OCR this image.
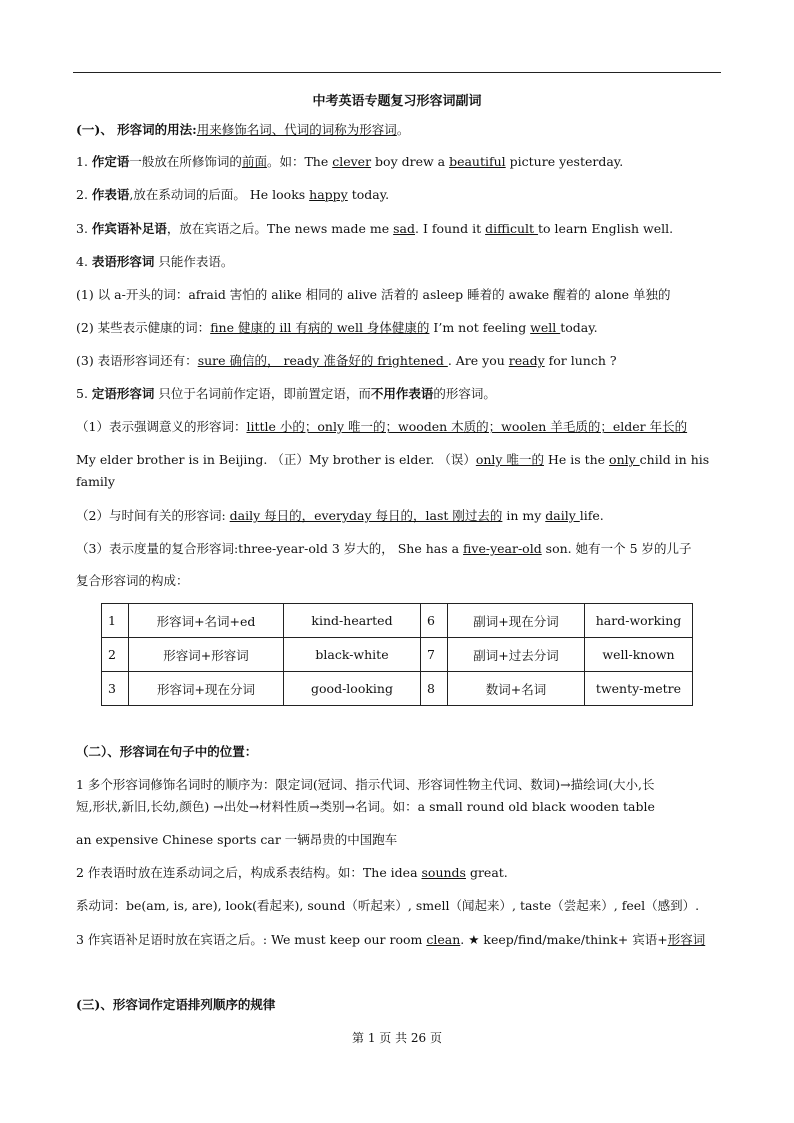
中考英语专题复习形容词副词
(一)、 形容词的用法:用来修饰名词、代词的词称为形容词。
1. 作定语一般放在所修饰词的前面。如：The clever boy drew a beautiful picture yesterday.
2. 作表语,放在系动词的后面。 He looks happy today.
3. 作宾语补足语，放在宾语之后。The news made me sad. I found it difficult to learn English well.
4. 表语形容词 只能作表语。
(1) 以 a-开头的词：afraid 害怕的 alike 相同的 alive 活着的 asleep 睡着的 awake 醒着的 alone 单独的
(2) 某些表示健康的词：fine 健康的 ill 有病的 well 身体健康的 I’m not feeling well today.
(3) 表语形容词还有：sure 确信的， ready 准备好的 frightened . Are you ready for lunch ?
5. 定语形容词 只位于名词前作定语，即前置定语，而不用作表语的形容词。
（1）表示强调意义的形容词：little 小的；only 唯一的；wooden 木质的；woolen 羊毛质的；elder 年长的
My elder brother is in Beijing. （正）My brother is elder. （误）only 唯一的 He is the only child in his
family
（2）与时间有关的形容词: daily 每日的，everyday 每日的，last 刚过去的 in my daily life.
（3）表示度量的复合形容词:three-year-old 3 岁大的， She has a five-year-old son. 她有一个 5 岁的儿子
复合形容词的构成：
1	形容词+名词+ed	kind-hearted	6	副词+现在分词	hard-working
2	形容词+形容词	black-white	7	副词+过去分词	well-known
3	形容词+现在分词	good-looking	8	数词+名词	twenty-metre
（二）、形容词在句子中的位置：
1 多个形容词修饰名词时的顺序为：限定词(冠词、指示代词、形容词性物主代词、数词)→描绘词(大小,长
短,形状,新旧,长幼,颜色) →出处→材料性质→类别→名词。如：a small round old black wooden table
an expensive Chinese sports car 一辆昂贵的中国跑车
2 作表语时放在连系动词之后，构成系表结构。如：The idea sounds great.
系动词：be(am, is, are), look(看起来), sound（听起来）, smell（闻起来）, taste（尝起来）, feel（感到）.
3 作宾语补足语时放在宾语之后。: We must keep our room clean. ★ keep/find/make/think+ 宾语+形容词
(三)、形容词作定语排列顺序的规律
第 1 页 共 26 页
